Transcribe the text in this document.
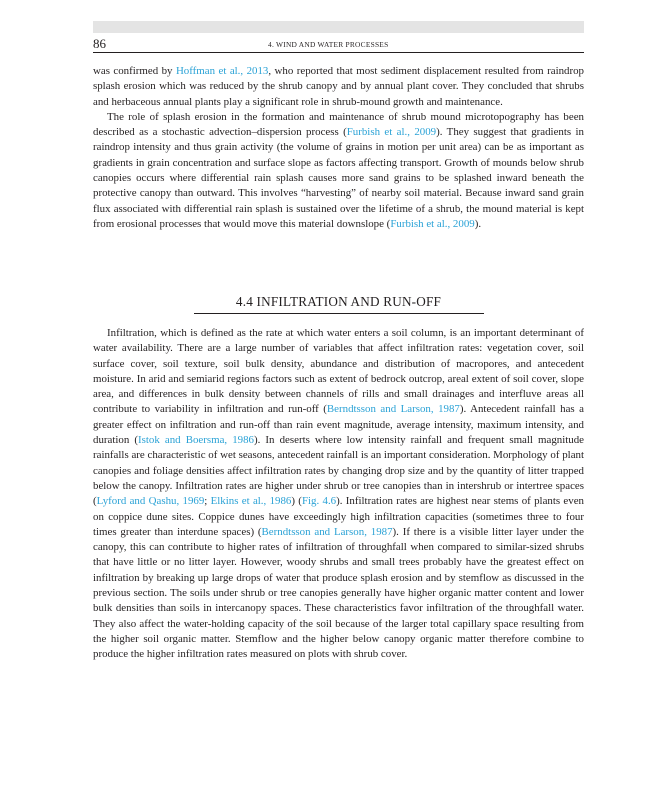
86	4. WIND AND WATER PROCESSES

was confirmed by Hoffman et al., 2013, who reported that most sediment displacement resulted from raindrop splash erosion which was reduced by the shrub canopy and by annual plant cover. They concluded that shrubs and herbaceous annual plants play a significant role in shrub-mound growth and maintenance.

The role of splash erosion in the formation and maintenance of shrub mound microtopography has been described as a stochastic advection–dispersion process (Furbish et al., 2009). They suggest that gradients in raindrop intensity and thus grain activity (the volume of grains in motion per unit area) can be as important as gradients in grain concentration and surface slope as factors affecting transport. Growth of mounds below shrub canopies occurs where differential rain splash causes more sand grains to be splashed inward beneath the protective canopy than outward. This involves “harvesting” of nearby soil material. Because inward sand grain flux associated with differential rain splash is sustained over the lifetime of a shrub, the mound material is kept from erosional processes that would move this material downslope (Furbish et al., 2009).

4.4 INFILTRATION AND RUN-OFF

Infiltration, which is defined as the rate at which water enters a soil column, is an important determinant of water availability. There are a large number of variables that affect infiltration rates: vegetation cover, soil surface cover, soil texture, soil bulk density, abundance and distribution of macropores, and antecedent moisture. In arid and semiarid regions factors such as extent of bedrock outcrop, areal extent of soil cover, slope area, and differences in bulk density between channels of rills and small drainages and interfluve areas all contribute to variability in infiltration and run-off (Berndtsson and Larson, 1987). Antecedent rainfall has a greater effect on infiltration and run-off than rain event magnitude, average intensity, maximum intensity, and duration (Istok and Boersma, 1986). In deserts where low intensity rainfall and frequent small magnitude rainfalls are characteristic of wet seasons, antecedent rainfall is an important consideration. Morphology of plant canopies and foliage densities affect infiltration rates by changing drop size and by the quantity of litter trapped below the canopy. Infiltration rates are higher under shrub or tree canopies than in intershrub or intertree spaces (Lyford and Qashu, 1969; Elkins et al., 1986) (Fig. 4.6). Infiltration rates are highest near stems of plants even on coppice dune sites. Coppice dunes have exceedingly high infiltration capacities (sometimes three to four times greater than interdune spaces) (Berndtsson and Larson, 1987). If there is a visible litter layer under the canopy, this can contribute to higher rates of infiltration of throughfall when compared to similar-sized shrubs that have little or no litter layer. However, woody shrubs and small trees probably have the greatest effect on infiltration by breaking up large drops of water that produce splash erosion and by stemflow as discussed in the previous section. The soils under shrub or tree canopies generally have higher organic matter content and lower bulk densities than soils in intercanopy spaces. These characteristics favor infiltration of the throughfall water. They also affect the water-holding capacity of the soil because of the larger total capillary space resulting from the higher soil organic matter. Stemflow and the higher below canopy organic matter therefore combine to produce the higher infiltration rates measured on plots with shrub cover.
